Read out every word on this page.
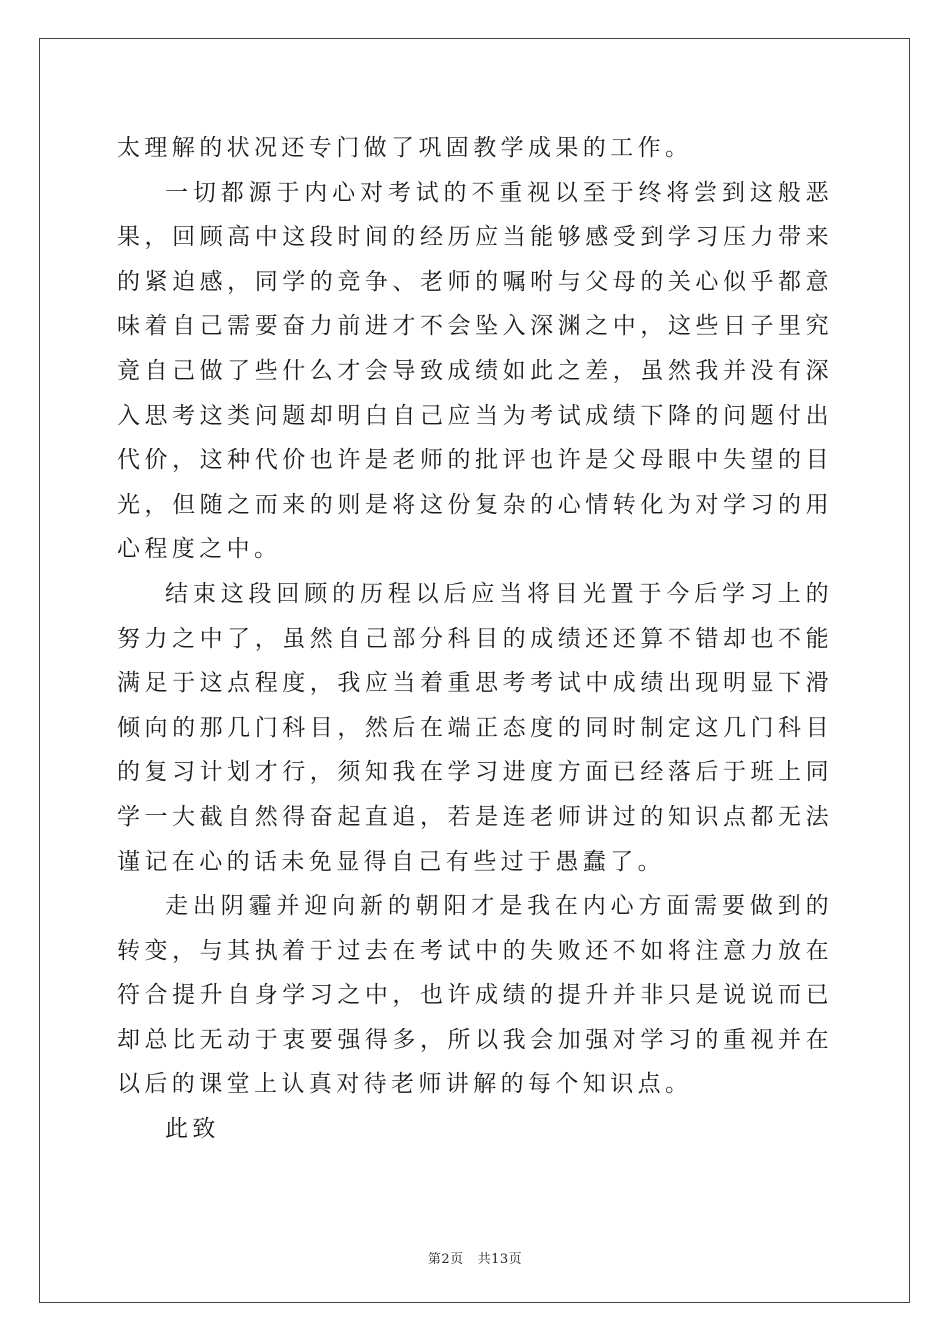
太理解的状况还专门做了巩固教学成果的工作。

一切都源于内心对考试的不重视以至于终将尝到这般恶果，回顾高中这段时间的经历应当能够感受到学习压力带来的紧迫感，同学的竞争、老师的嘱咐与父母的关心似乎都意味着自己需要奋力前进才不会坠入深渊之中，这些日子里究竟自己做了些什么才会导致成绩如此之差，虽然我并没有深入思考这类问题却明白自己应当为考试成绩下降的问题付出代价，这种代价也许是老师的批评也许是父母眼中失望的目光，但随之而来的则是将这份复杂的心情转化为对学习的用心程度之中。

结束这段回顾的历程以后应当将目光置于今后学习上的努力之中了，虽然自己部分科目的成绩还还算不错却也不能满足于这点程度，我应当着重思考考试中成绩出现明显下滑倾向的那几门科目，然后在端正态度的同时制定这几门科目的复习计划才行，须知我在学习进度方面已经落后于班上同学一大截自然得奋起直追，若是连老师讲过的知识点都无法谨记在心的话未免显得自己有些过于愚蠢了。

走出阴霾并迎向新的朝阳才是我在内心方面需要做到的转变，与其执着于过去在考试中的失败还不如将注意力放在符合提升自身学习之中，也许成绩的提升并非只是说说而已却总比无动于衷要强得多，所以我会加强对学习的重视并在以后的课堂上认真对待老师讲解的每个知识点。

此致

第2页 共13页
